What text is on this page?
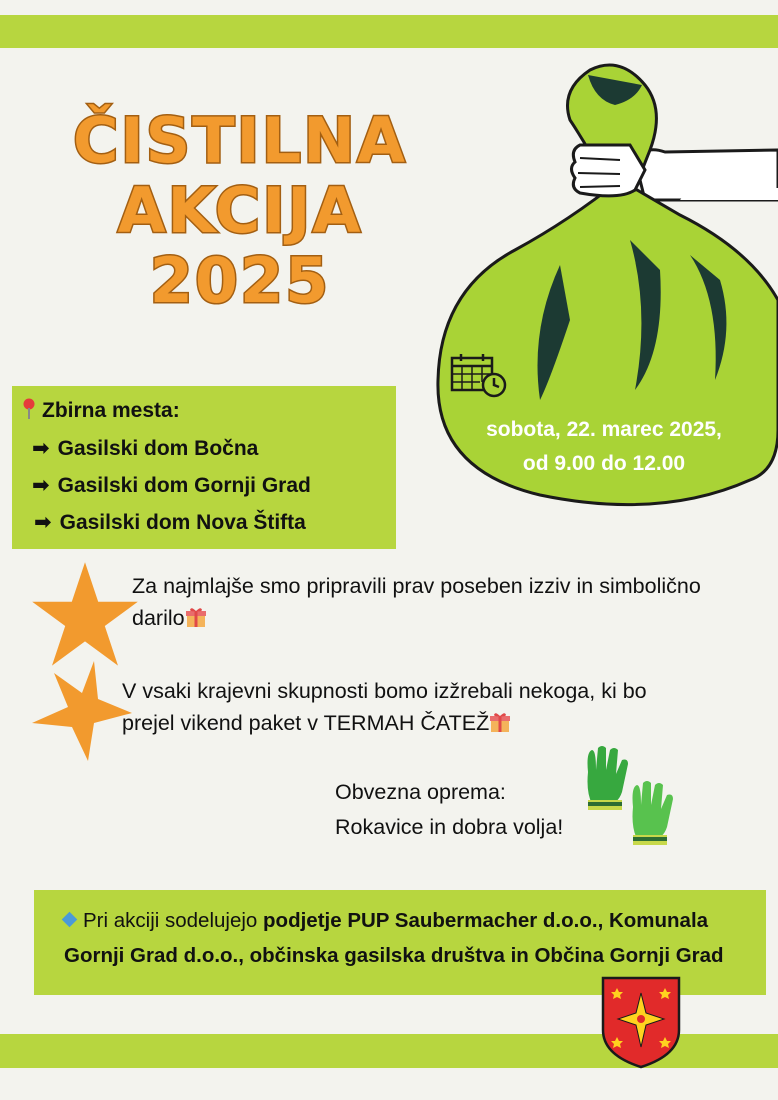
ČISTILNA
AKCIJA
2025
sobota, 22. marec 2025,
od 9.00 do 12.00
Zbirna mesta:
➡ Gasilski dom Bočna
➡ Gasilski dom Gornji Grad
➡ Gasilski dom Nova Štifta
Za najmlajše smo pripravili prav poseben izziv in simbolično darilo
V vsaki krajevni skupnosti bomo izžrebali nekoga, ki bo prejel vikend paket v TERMAH ČATEŽ
Obvezna oprema:
Rokavice in dobra volja!
Pri akciji sodelujejo podjetje PUP Saubermacher d.o.o., Komunala Gornji Grad d.o.o., občinska gasilska društva in Občina Gornji Grad
